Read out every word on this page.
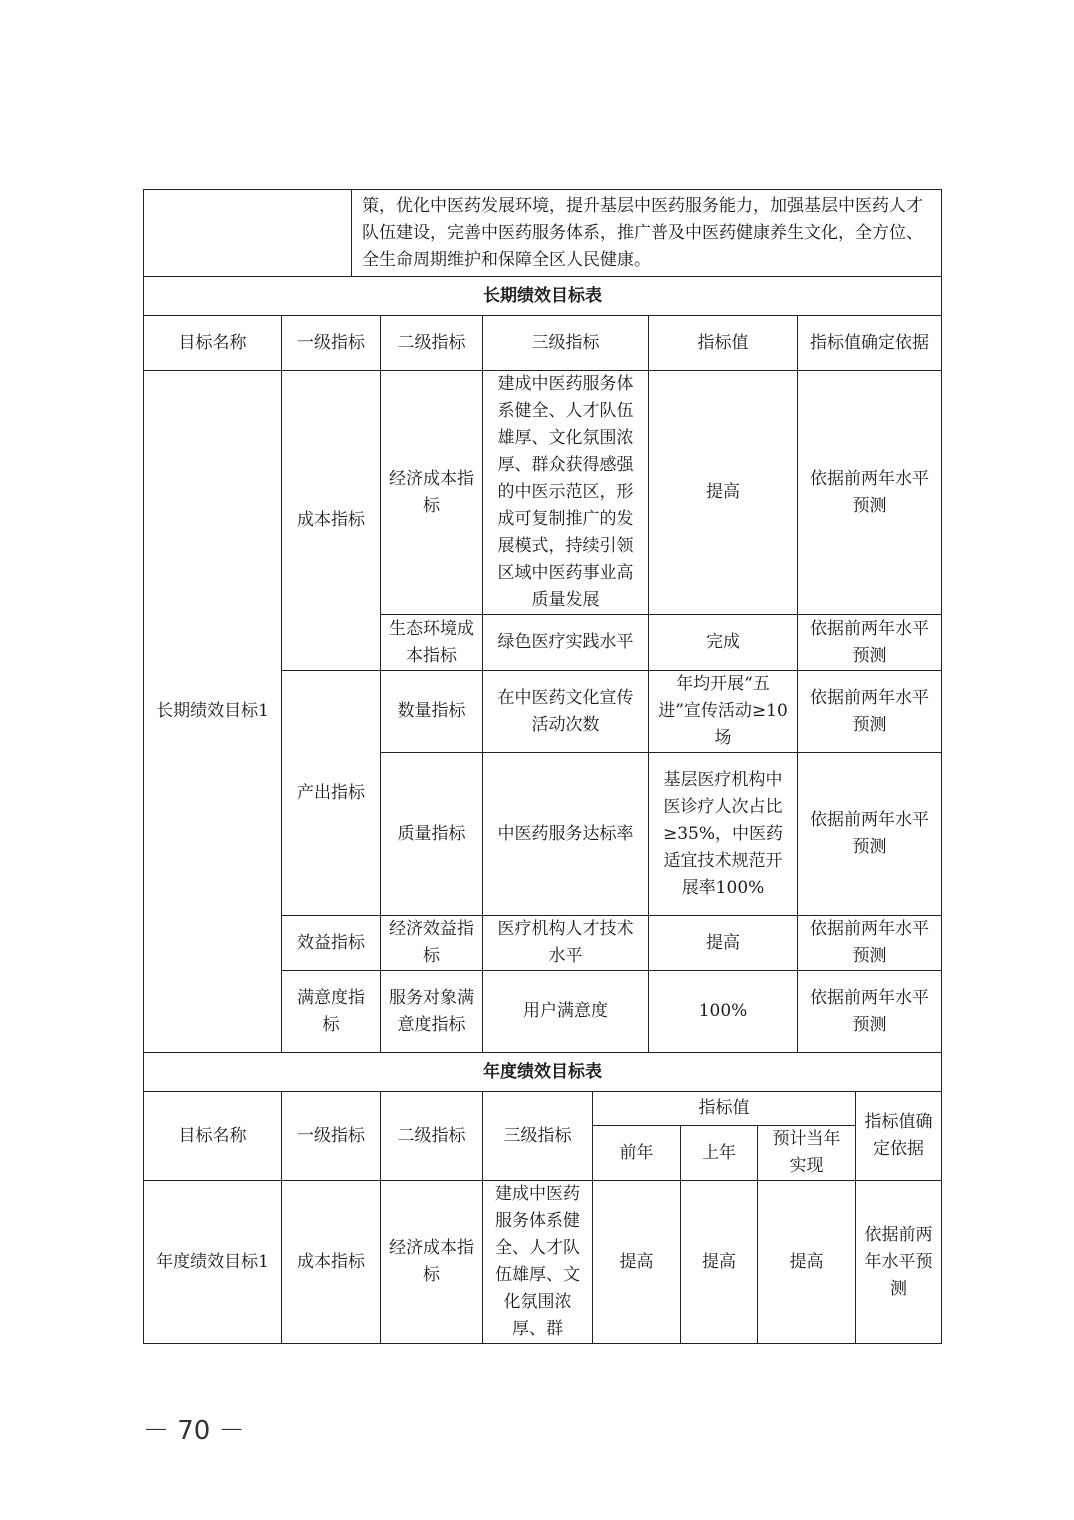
	策，优化中医药发展环境，提升基层中医药服务能力，加强基层中医药人才队伍建设，完善中医药服务体系，推广普及中医药健康养生文化，全方位、全生命周期维护和保障全区人民健康。
长期绩效目标表					
目标名称	一级指标	二级指标	三级指标	指标值	指标值确定依据
长期绩效目标1	成本指标	经济成本指标	建成中医药服务体系健全、人才队伍雄厚、文化氛围浓厚、群众获得感强的中医示范区，形成可复制推广的发展模式，持续引领区域中医药事业高质量发展	提高	依据前两年水平预测
		生态环境成本指标	绿色医疗实践水平	完成	依据前两年水平预测
	产出指标	数量指标	在中医药文化宣传活动次数	年均开展“五进”宣传活动≥10场	依据前两年水平预测
		质量指标	中医药服务达标率	基层医疗机构中医诊疗人次占比≥35%，中医药适宜技术规范开展率100%	依据前两年水平预测
	效益指标	经济效益指标	医疗机构人才技术水平	提高	依据前两年水平预测
	满意度指标	服务对象满意度指标	用户满意度	100%	依据前两年水平预测
年度绩效目标表							
目标名称	一级指标	二级指标	三级指标	指标值			指标值确定依据
				前年	上年	预计当年实现	
年度绩效目标1	成本指标	经济成本指标	建成中医药服务体系健全、人才队伍雄厚、文化氛围浓厚、群	提高	提高	提高	依据前两年水平预测
－ 70 －
